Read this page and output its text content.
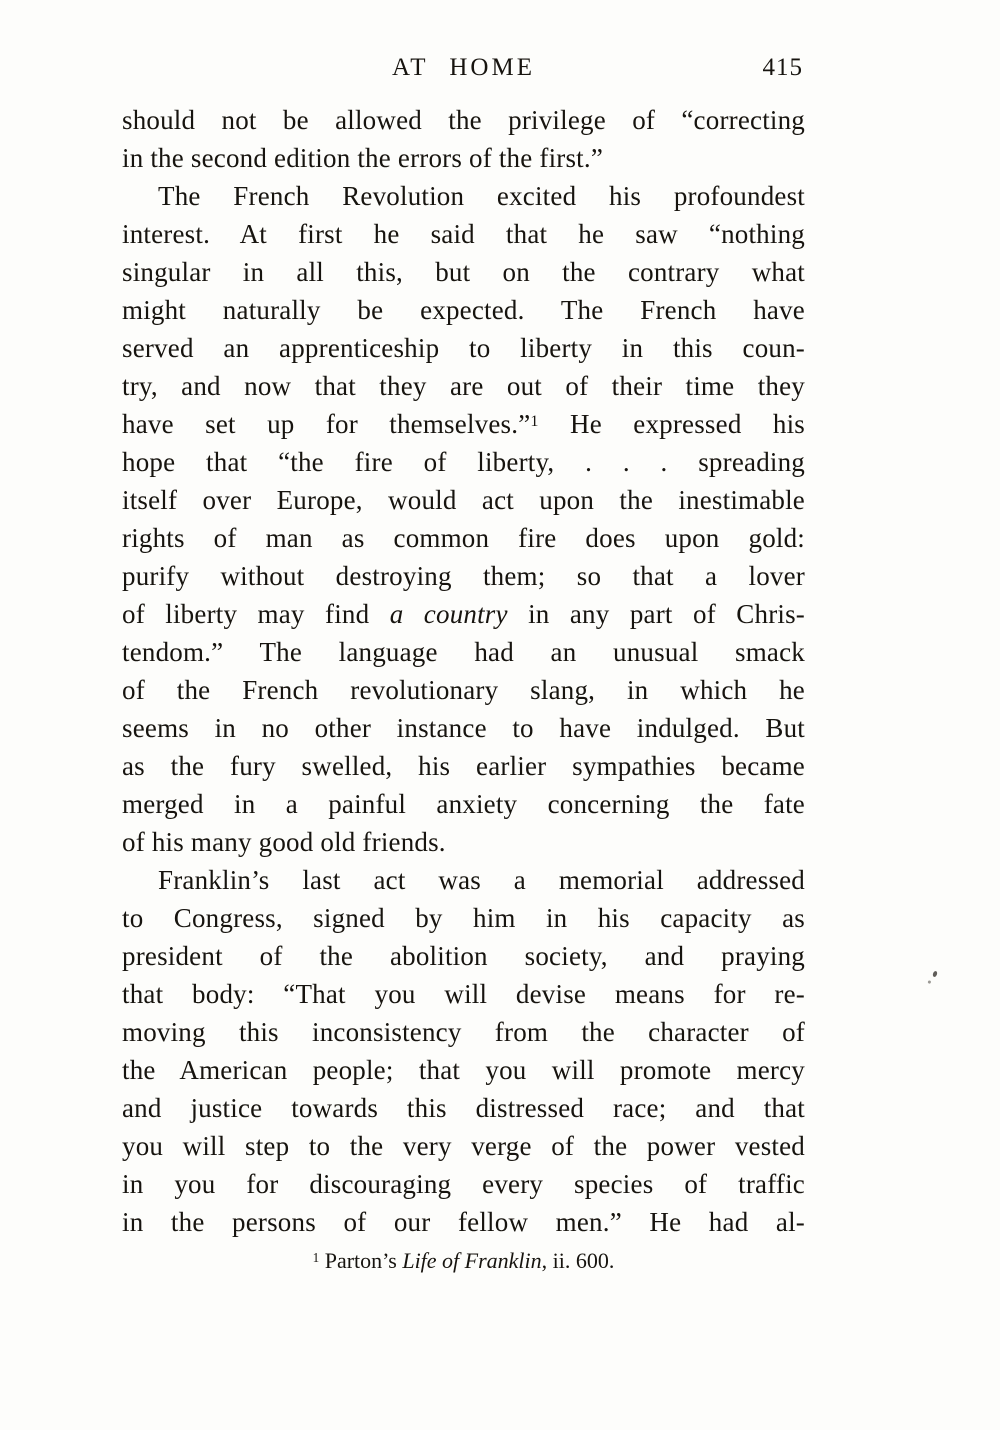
AT HOME	415
should not be allowed the privilege of “correcting
in the second edition the errors of the first.”
The French Revolution excited his profoundest
interest. At first he said that he saw “nothing
singular in all this, but on the contrary what
might naturally be expected. The French have
served an apprenticeship to liberty in this coun-
try, and now that they are out of their time they
have set up for themselves.”$^1$ He expressed his
hope that “the fire of liberty, . . . spreading
itself over Europe, would act upon the inestimable
rights of man as common fire does upon gold:
purify without destroying them; so that a lover
of liberty may find a country in any part of Chris-
tendom.” The language had an unusual smack
of the French revolutionary slang, in which he
seems in no other instance to have indulged. But
as the fury swelled, his earlier sympathies became
merged in a painful anxiety concerning the fate
of his many good old friends.
Franklin’s last act was a memorial addressed
to Congress, signed by him in his capacity as
president of the abolition society, and praying
that body: “That you will devise means for re-
moving this inconsistency from the character of
the American people; that you will promote mercy
and justice towards this distressed race; and that
you will step to the very verge of the power vested
in you for discouraging every species of traffic
in the persons of our fellow men.” He had al-
$^1$ Parton’s Life of Franklin, ii. 600.
